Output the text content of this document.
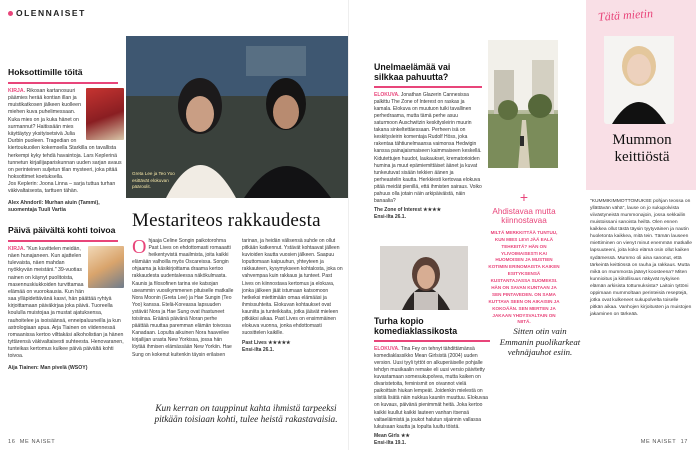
OLENNAISET
Hoksottimille töitä

KIRJA. Rikosan kartanosuuri päämies herää kontian illan ja muistikatkosen jälkeen kuolleen miehen kuva puhelimessaan. Kuka mies on ja kuka hänet on surmannut? Haitissään mies käyttäytyy yksityisetsivä Julia Durbin puoleen. Tragedian on kiertoukuoilen kokemsella Starkilla on tavallista herkempi kyky tehdä havaintoja. Lars Keplerinä tunnetun kirjailijapariskunnan uuden sarjan avaus on perinteinen suljetun tilan mysteeri, joka pitää hoksottimet koetuksella.

Jos Keplerin: Joona Linna – sarja tuttua turhan väkivaltaisesta, tarttuen tähän.

Alex Ahndoril: Murhan aiuin (Tammi), suomentaja Tuuli Vartia

Päivä päivältä kohti toivoa

KIRJA. "Kun kuvittelen meidän, näen hunajaneen. Kun ajattelen tulevaista, näen mahdan nyökkyvän meistäni." 39-vuotias nainen on käynyt puolitoista, masennuskiukkoiden turvittamaa elämää on vuorokausia. Kun hän saa ylläpidettävänä kasvi, hän päättää ryhtyä kirjoittamaan päiväkirjaa joka päivä. Tuoreella koululla muistojaa ja mustat ajatuksensa, rauhoitelee ja isoisäänsä, enneipaluuneilla ja kun astrologiaan apua. Arja Tiainen on viidennessä romaanissa kertoo vilttakäsi alkoholistian ja hänen tyttärensä väkivaltaisesti suhteesta. Henovaranen, tunteikas kertomus kulkee päivä päivältä kohti toivoa.

Aija Tiainen: Man pivelä (WSOY)

Greta Lee ja Teo Yoo esittävät elokuvan pääroolit.
Mestariteos rakkaudesta
Ohjaaja Celine Songin paikotorohma Past Lives on ehdottomasti romaaatti heikentyvistä maailmista, joita kaikki elämään valhoilla myös Oscareissa. Songin ohjaama ja käsikirjoittama draama kertoo rakkaudesta uudentaleessa näkökulmasta. Kaunis ja filosofinen tarina vie katsojan useammin vuosikymmenen pituiselle matkalle Nora Moonin (Greta Lee) ja Hae Sungin (Teo Yoo) kanssa. Etelä-Koreassa lapsuuden ystävät Nora ja Hae Sung ovat ihastuneet toisiinsa. Eräänä päivänä Noran perhe päättää muuttaa paremman elämän toivossa Kanadaan. Lopulta aikuinen Nora haaveilee kirjailijan urasta New Yorkissa, jossa hän löytää ihmisen elämässään New Yorkiin. Hae Sung on kokenut kuitenkin täysin erilaisen tarinan, ja heidän välisensä suhde on ollut pitkään katkennut. Ystävät kohtaavat jälleen kuvioiden kautta vuosien jälkeen. Saapuu loputtomaan kaipuuhun, yhteyteen ja rakkauteen, kysymykseen kohtalosta, joka on vahvempaa kuin rakkaus ja tunteet. Past Lives on kiinnostava kertomus ja elokuva, jonka jälkeen jäät istumaan katsomoon hetkeksi miettimään omaa elämääsi ja ihmissuhteita. Elokuvan kohtaukset ovat kauniita ja tunteikkaita, jotka jäävät mieleen pitkäksi aikaa. Past Lives on ensimmäinen elokuva vuonna, jonka ehdottomasti suosittelen kaikille.

Past Lives ★★★★★

Ensi-ilta 26.1.

Kun kerran on tauppinut kahta ihmistä tarpeeksi pitkään toisiaan kohti, tulee heistä rakastavaisia.
16 ME NAISET	ME NAISET 17
Unelmaelämää vai silkkaa pahuutta?

ELOKUVA. Jonathan Glazerin Cannesissa palkittu The Zone of Interest on raskas ja kamala. Elokuva on muutuon tuiki tavallinen perhedraama, mutta tämä perhe asuu saturmoon Auschwitzin keskitysleirin muurin takana sinkeltettäessaan. Perheen isä on keskitysleirin komentaja Rudolf Höss, joka rakentaa tähtiunelmaansa vaimonsa Hedwigin kanssa painajaismaiseen kaimmaiseen keskellä. Kidutettujen huudot, laukaukset, krematorioiden humina ja muut epämiemittäiset äänet ja kuvat tunkeutuvat sisään tekkien äänen ja perheastelin kautta. Herkkiesti kertovaa elokuva pitää meidät pienillä, että ihmisten sairaus. Voiko pahuus olla jotain näin arkipäiväistä, näin banaalia?

The Zone of Interest ★★★★

Ensi-ilta 26.1.

+
Ahdistavaa mutta kiinnostavaa
MILTÄ MERKKITTÄÄ TUNTUU, KUN MIES LEVI JÄÄ EALÄ TEHKEITÄ? HÄN ON YLIVOIMAISESTI KAI HUOMOISEN JA MUSTIEN KOTIMIN ERINOMAISTA KAIKEN ESITYKSENSÄ KUSTANTAJASSA SUOMEKSI. HÄN ON SAVAN KUNTAAN JA SEN PINTAVEDEN. ON SAMA KUTTAVA SEEN ON AIKAISIN JA KOKOÄÄN. SEN MERTEN JA JAKAAN YHDYSVALTAIN ON NIITÄ.
Turha kopio komediaklassikosta

ELOKUVA. Tina Fey on tehnyt tähdittämänsä komediaklassikko Mean Girlsistä (2004) uuden version. Uusi tyyli tyttöt on alkuperäiselle pohjalle tehdyn musikaalin remake eli uusi versio päivitetty kuvastamaan somesukupolvea, mutta kaiken on divaristetoita, feminismit on oivannot vielä paikoittain hiukan lempeät. Joidenkin mielestä on siistiä lisätä näin nukkua kauniin muuttuu. Elokuvaa on kuvaus, päivänä pienimmät heitä. Joka kertoo kaikki kuullut kaikki lauteen vanhan itsensä valtaeläimistä ja joukot halutun sijainnin vallassa lukuisaan kautta ja lopulta luultu töistä.

Mean Girls ★★

Ensi-ilta 19.1.

Sitten otin vain Emmanin puolikarkeat vehnäjauhot esiin.
Tätä mietin
Mummon keittiöstä
"KUMMIKIMMOTTOMUKSE pohjan teossa on yllättävän vähä", lause on jo sukupolvista viivästyneistä mummonajoin, jossa sekkailin muistoissani sanoista heiltä. Olen ennen kaikkea ollut tästä täysin tyytyväinen ja nautin huoletonta kaikkea, mitä tein. Tämän lauseen miettiminen on vienyt minut enemmän matkalle lapsuuteeni, joita koko elämä osin ollut kaiken sydämessä. Mummo oli aina sanonut, että tärkeintä keittiössä on rauha ja rakkaus. Mutta mikä on mummosta jäänyt koosteena? Miten kunnioitus ja kiitollisuus näkyvät nykyisen elämän arkisista tottumuksista? Laitoin tyttöni oppimaan mummoltaan perinteisiä reseptejä, jotka ovat kulkeneet sukupolvelta toiselle pitkän aikaa. Vanhojen kirjoitusten ja muistojen jakaminen on tärkeää.
